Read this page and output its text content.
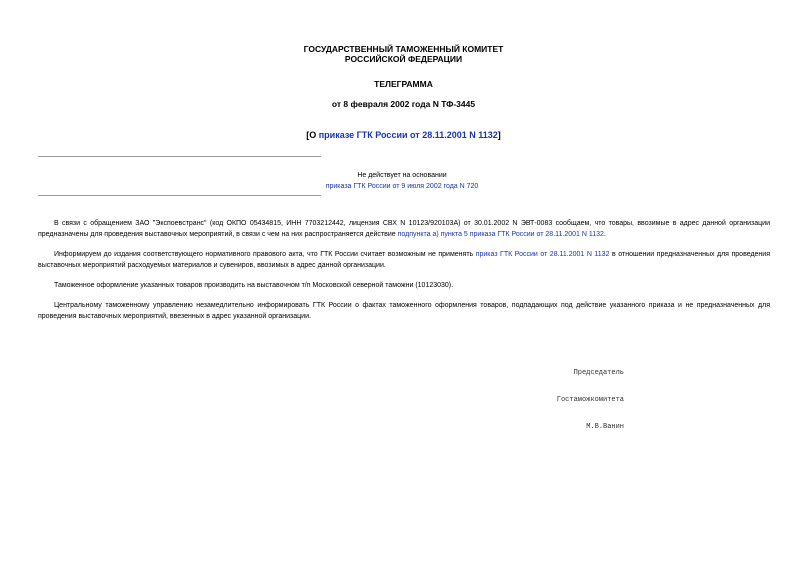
ГОСУДАРСТВЕННЫЙ ТАМОЖЕННЫЙ КОМИТЕТ
РОССИЙСКОЙ ФЕДЕРАЦИИ
ТЕЛЕГРАММА
от 8 февраля 2002 года N ТФ-3445
[О приказе ГТК России от 28.11.2001 N 1132]
Не действует на основании
приказа ГТК России от 9 июля 2002 года N 720

В связи с обращением ЗАО "Экспоевстранс" (код ОКПО 05434815, ИНН 7703212442, лицензия СВХ N 10123/920103А) от 30.01.2002 N ЭВТ-0083 сообщаем, что товары, ввозимые в адрес данной организации предназначены для проведения выставочных мероприятий, в связи с чем на них распространяется действие подпункта а) пункта 5 приказа ГТК России от 28.11.2001 N 1132.

Информируем до издания соответствующего нормативного правового акта, что ГТК России считает возможным не применять приказ ГТК России от 28.11.2001 N 1132 в отношении предназначенных для проведения выставочных мероприятий расходуемых материалов и сувениров, ввозимых в адрес данной организации.

Таможенное оформление указанных товаров производить на выставочном т/п Московской северной таможни (10123030).

Центральному таможенному управлению незамедлительно информировать ГТК России о фактах таможенного оформления товаров, подпадающих под действие указанного приказа и не предназначенных для проведения выставочных мероприятий, ввезенных в адрес указанной организации.

Председатель

Гостаможкомитета

М.В.Ванин
